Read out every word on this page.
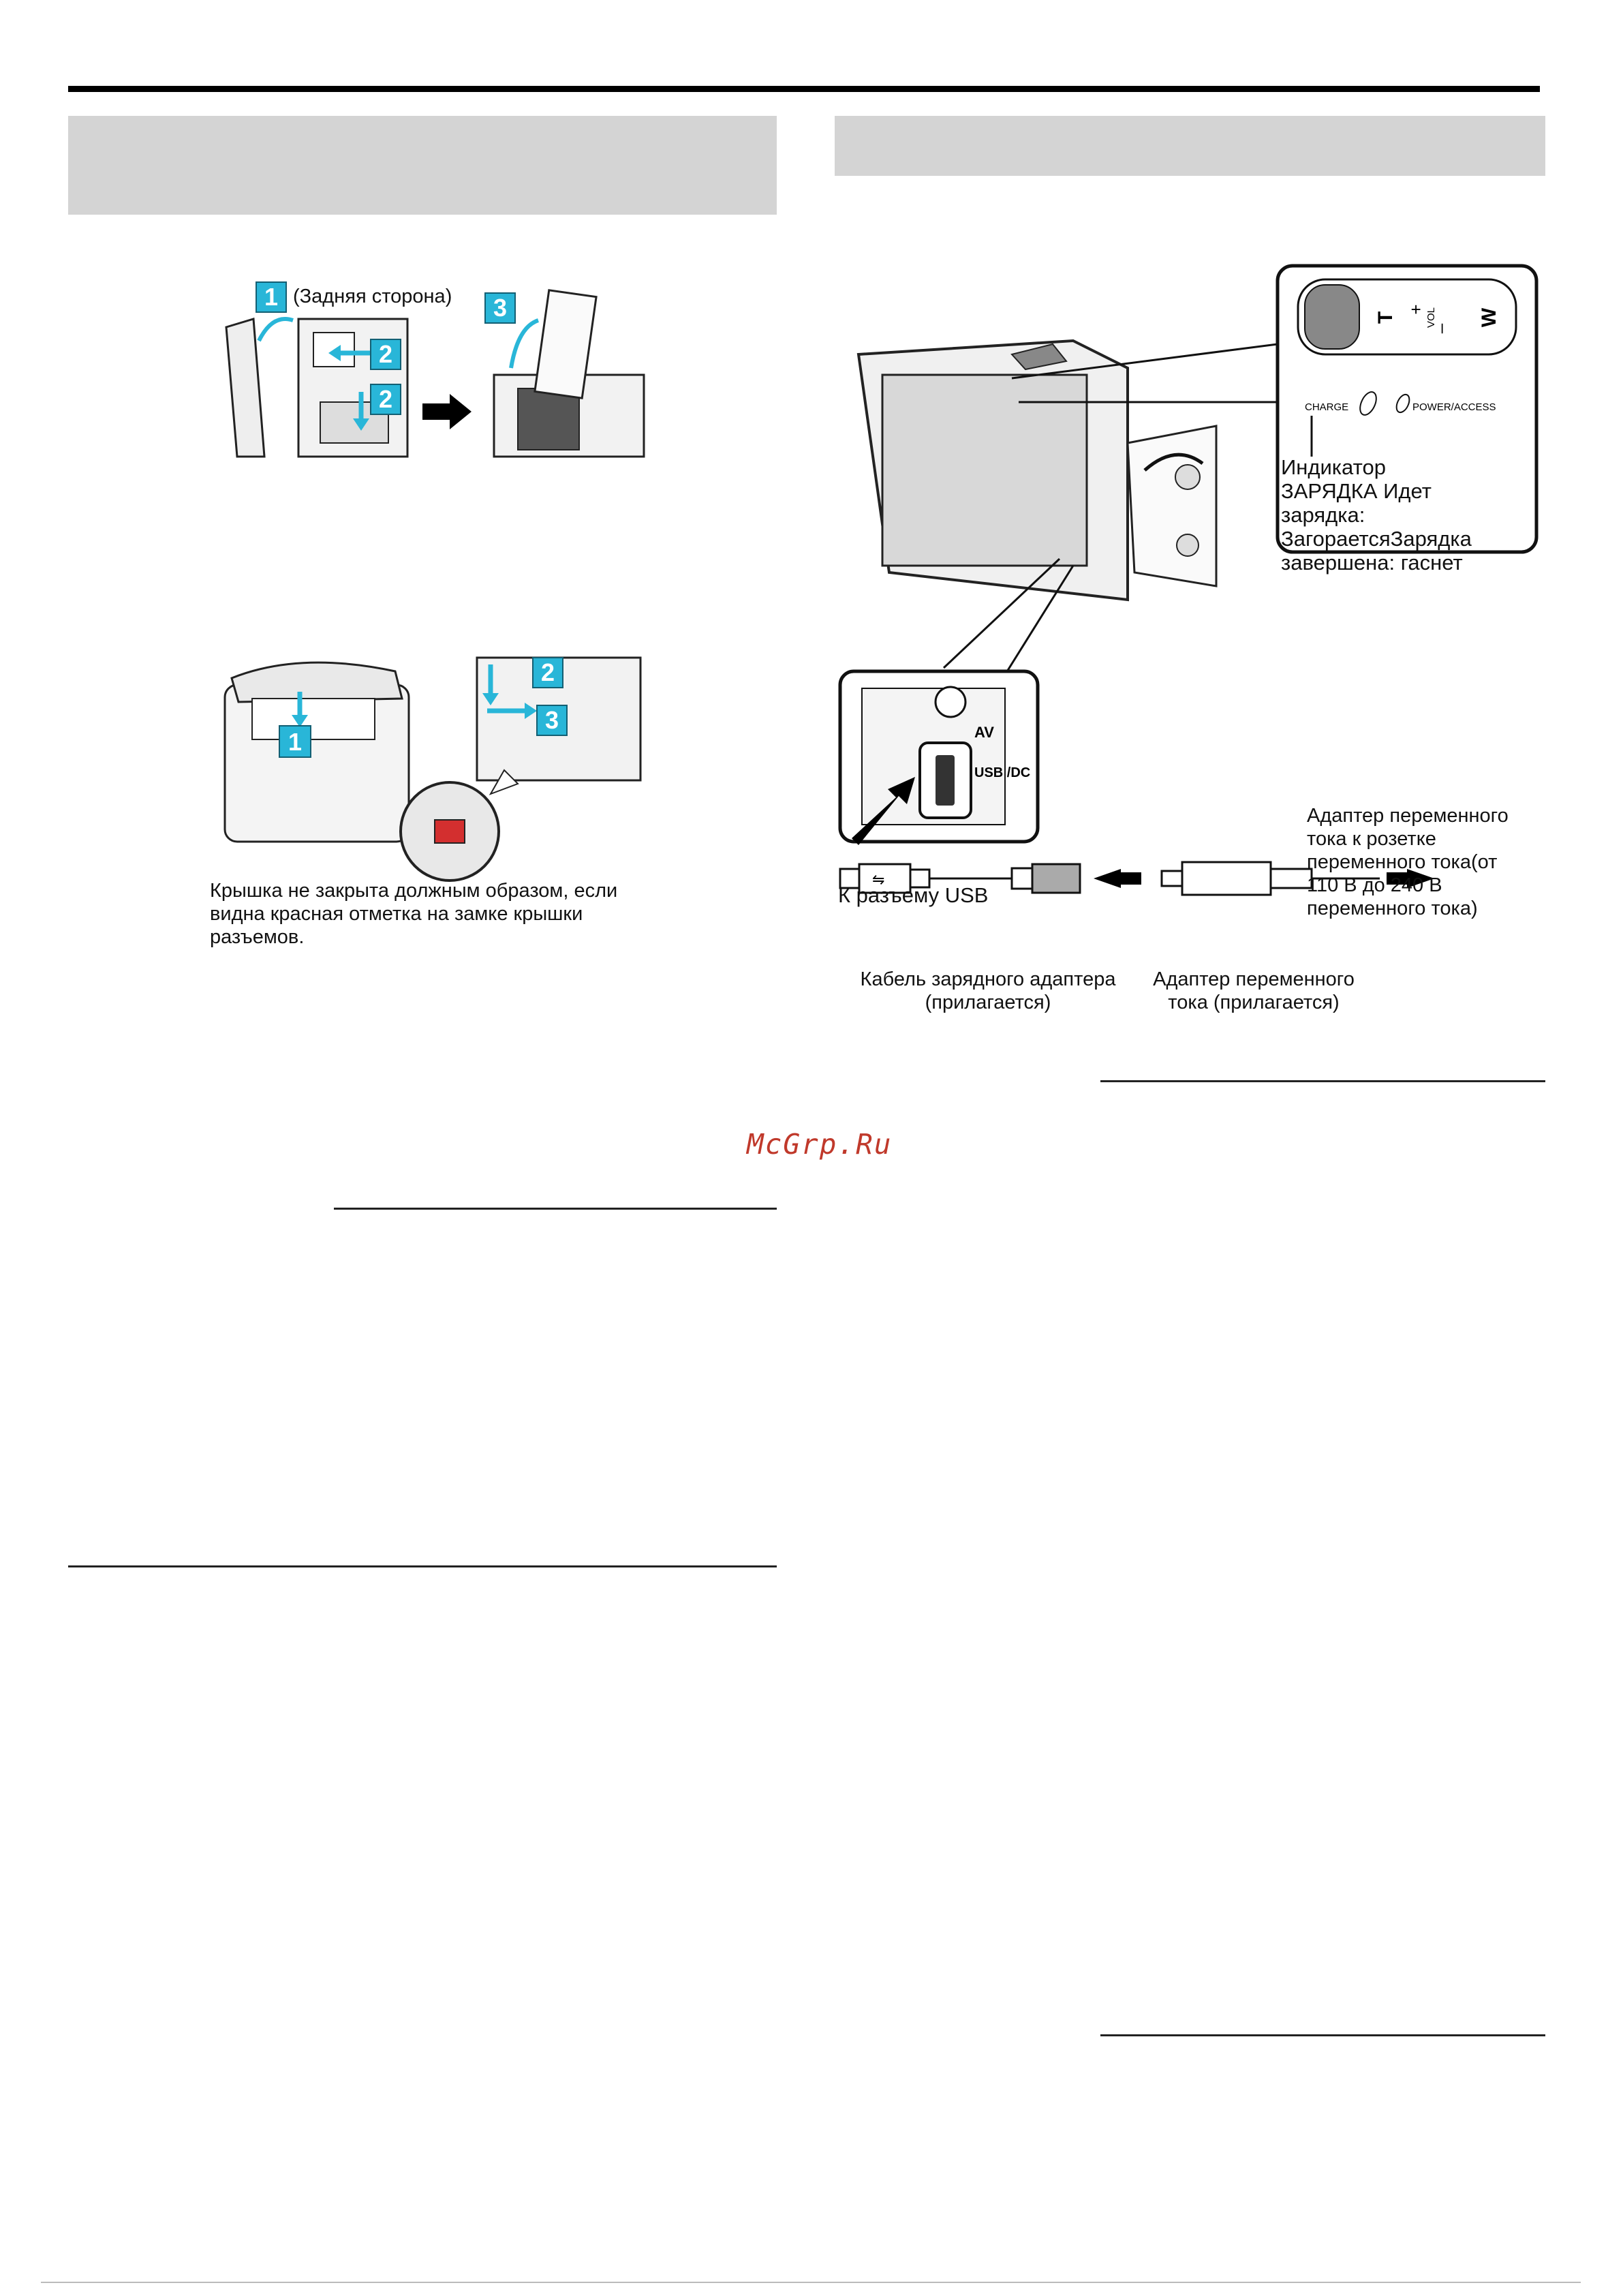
1 (Задняя сторона)
2
2
3
1
2
3
Крышка не закрыта должным образом, если видна красная отметка на замке крышки разъемов.
T
+ VOL
–
W
CHARGE	POWER/ACCESS
AV
USB /DC
⇋
Индикатор ЗАРЯДКА Идет зарядка: ЗагораетсяЗарядка завершена: гаснет
Адаптер переменного тока к розетке переменного тока(от 110 В до 240 В переменного тока)
К разъему USB
Кабель зарядного адаптера (прилагается)
Адаптер переменного тока (прилагается)
McGrp.Ru
